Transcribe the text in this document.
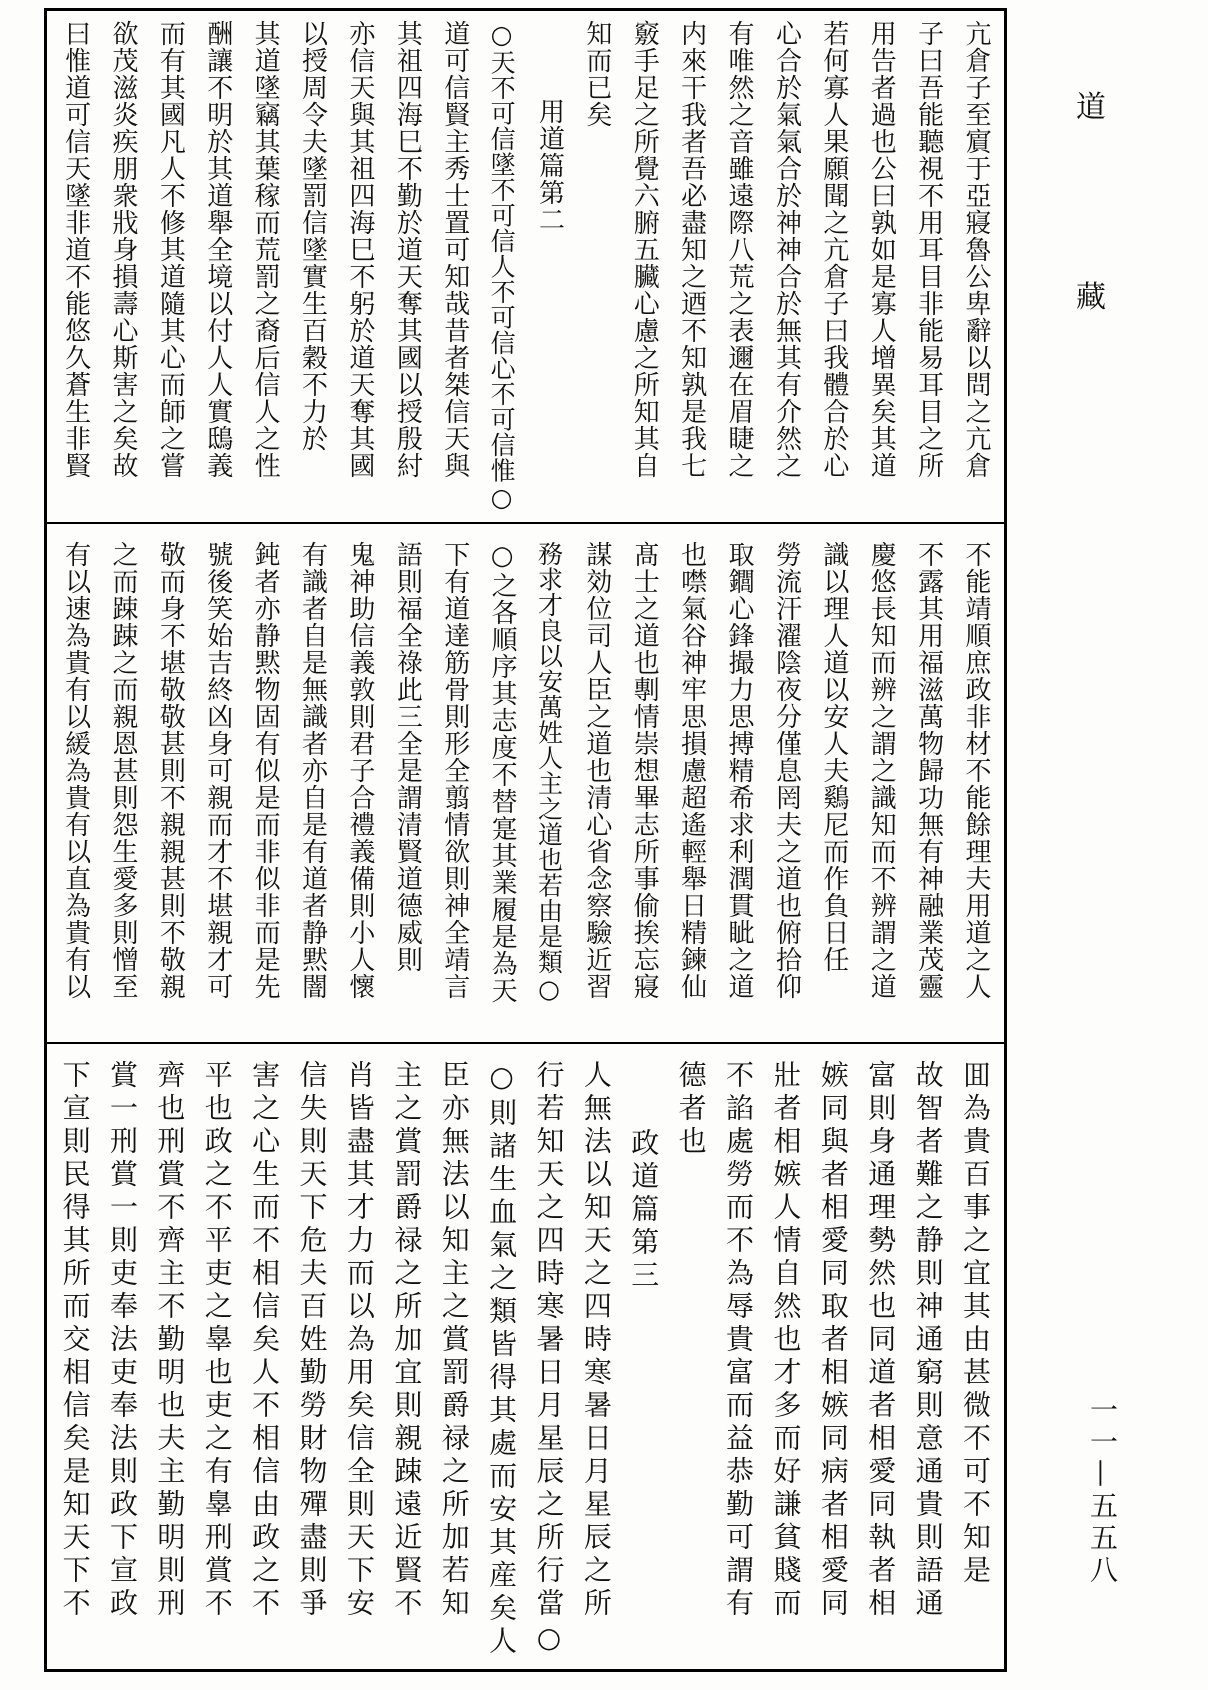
亢倉子至賔于亞寢魯公卑辭以問之亢倉
子曰吾能聽視不用耳目非能易耳目之所
用告者過也公曰孰如是寡人增異矣其道
若何寡人果願聞之亢倉子曰我體合於心
心合於氣氣合於神神合於無其有介然之
有唯然之音雖遠際八荒之表邇在眉睫之
内來干我者吾必盡知之迺不知孰是我七
竅手足之所覺六腑五臟心慮之所知其自
知而已矣
用道篇第二
○天不可信墜不可信人不可信心不可信惟○
道可信賢主秀士置可知哉昔者桀信天與
其祖四海巳不勤於道天奪其國以授殷紂
亦信天與其祖四海巳不躬於道天奪其國
以授周令夫墜罰信墜實生百穀不力於
其道墜竊其葉稼而荒罰之裔后信人之性
酬讓不明於其道舉全境以付人人實鴟義
而有其國凡人不修其道隨其心而師之嘗
欲茂滋炎疾朋衆戕身損壽心斯害之矣故
曰惟道可信天墜非道不能悠久蒼生非賢
不能靖順庶政非材不能餘理夫用道之人
不露其用福滋萬物歸功無有神融業茂靈
慶悠長知而辨之謂之識知而不辨謂之道
識以理人道以安人夫鷄尼而作負日任
勞流汗濯陰夜分僅息罔夫之道也俯拾仰
取䥨心鋒撮力思搏精希求利潤貫眦之道
也噤氣谷神牢思損慮超遙輕舉日精鍊仙
髙士之道也剸情崇想畢志所事偷挨忘寢
謀効位司人臣之道也清心省念察驗近習
務求才良以安萬姓人主之道也若由是類○
○之各順序其志度不替寔其業履是為天
下有道達筋骨則形全翦情欲則神全靖言
語則福全祿此三全是謂清賢道德威則
鬼神助信義敦則君子合禮義備則小人懷
有識者自是無識者亦自是有道者静黙闇
鈍者亦静黙物固有似是而非似非而是先
號後笑始吉終凶身可親而才不堪親才可
敬而身不堪敬敬甚則不親親甚則不敬親
之而踈踈之而親恩甚則怨生愛多則憎至
有以速為貴有以緩為貴有以直為貴有以
囬為貴百事之宜其由甚微不可不知是
故智者難之静則神通窮則意通貴則語通
富則身通理勢然也同道者相愛同執者相
嫉同與者相愛同取者相嫉同病者相愛同
壯者相嫉人情自然也才多而好謙貧賤而
不諂處勞而不為辱貴富而益恭勤可謂有
德者也
政道篇第三
人無法以知天之四時寒暑日月星辰之所
行若知天之四時寒暑日月星辰之所行當○
○則諸生血氣之類皆得其處而安其産矣人
臣亦無法以知主之賞罰爵禄之所加若知
主之賞罰爵禄之所加宜則親踈遠近賢不
肖皆盡其才力而以為用矣信全則天下安
信失則天下危夫百姓勤勞財物殫盡則爭
害之心生而不相信矣人不相信由政之不
平也政之不平吏之辠也吏之有辠刑賞不
齊也刑賞不齊主不勤明也夫主勤明則刑
賞一刑賞一則吏奉法吏奉法則政下宣政
下宣則民得其所而交相信矣是知天下不
道
藏
一一—五五八
